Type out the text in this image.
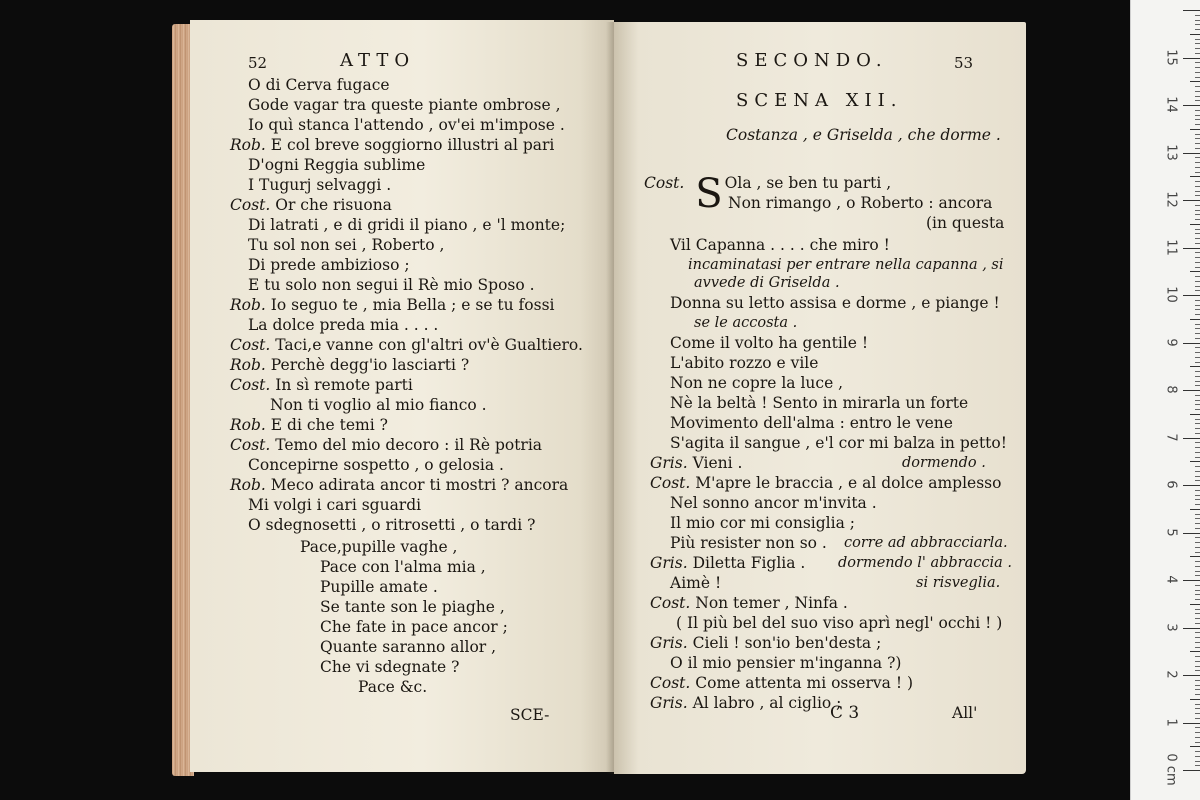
52	ATTO
O di Cerva fugace
Gode vagar tra queste piante ombrose ,
Io quì stanca l'attendo , ov'ei m'impose .
Rob. E col breve soggiorno illustri al pari
D'ogni Reggia sublime
I Tugurj selvaggi .
Cost. Or che risuona
Di latrati , e di gridi il piano , e 'l monte;
Tu sol non sei , Roberto ,
Di prede ambizioso ;
E tu solo non segui il Rè mio Sposo .
Rob. Io seguo te , mia Bella ; e se tu fossi
La dolce preda mia . . . .
Cost. Taci,e vanne con gl'altri ov'è Gualtiero.
Rob. Perchè degg'io lasciarti ?
Cost. In sì remote parti
Non ti voglio al mio fianco .
Rob. E di che temi ?
Cost. Temo del mio decoro : il Rè potria
Concepirne sospetto , o gelosia .
Rob. Meco adirata ancor ti mostri ? ancora
Mi volgi i cari sguardi
O sdegnosetti , o ritrosetti , o tardi ?
Pace,pupille vaghe ,
Pace con l'alma mia ,
Pupille amate .
Se tante son le piaghe ,
Che fate in pace ancor ;
Quante saranno allor ,
Che vi sdegnate ?
Pace &c.
SCE-
SECONDO.	53
SCENA XII.
Costanza , e Griselda , che dorme .
Cost. S Ola , se ben tu parti ,
Non rimango , o Roberto : ancora
(in questa
Vil Capanna . . . . che miro !
incaminatasi per entrare nella capanna , si
avvede di Griselda .
Donna su letto assisa e dorme , e piange !
se le accosta .
Come il volto ha gentile !
L'abito rozzo e vile
Non ne copre la luce ,
Nè la beltà ! Sento in mirarla un forte
Movimento dell'alma : entro le vene
S'agita il sangue , e'l cor mi balza in petto!
Gris. Vieni .	dormendo .
Cost. M'apre le braccia , e al dolce amplesso
Nel sonno ancor m'invita .
Il mio cor mi consiglia ;
Più resister non so . corre ad abbracciarla.
Gris. Diletta Figlia . dormendo l' abbraccia .
Aimè !	si risveglia.
Cost. Non temer , Ninfa .
( Il più bel del suo viso aprì negl' occhi ! )
Gris. Cieli ! son'io ben'desta ;
O il mio pensier m'inganna ?)
Cost. Come attenta mi osserva ! )
Gris. Al labro , al ciglio ;
C 3	All'
0 cm
1
2
3
4
5
6
7
8
9
10
11
12
13
14
15
